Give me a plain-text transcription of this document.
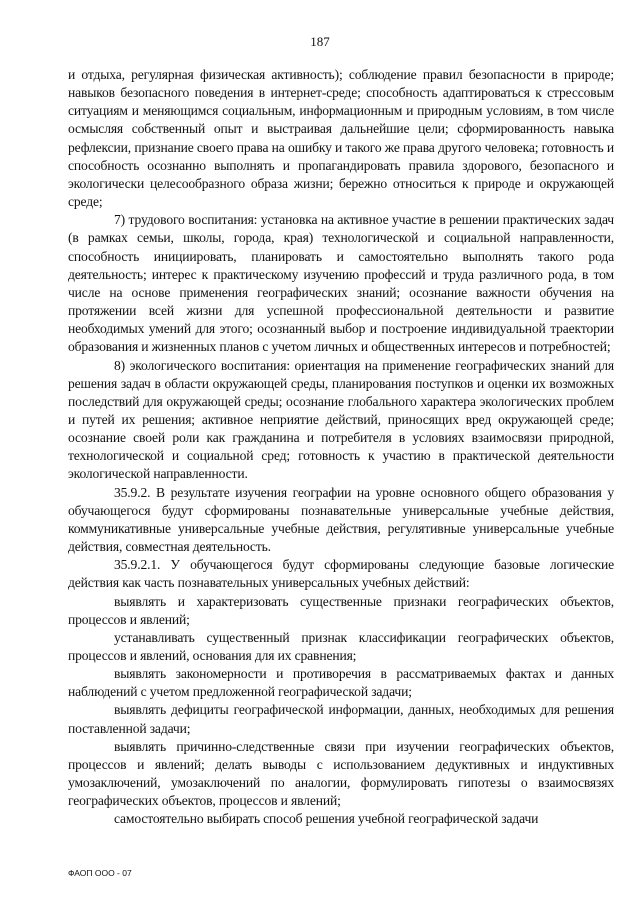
187

и отдыха, регулярная физическая активность); соблюдение правил безопасности в природе; навыков безопасного поведения в интернет-среде; способность адаптироваться к стрессовым ситуациям и меняющимся социальным, информационным и природным условиям, в том числе осмысляя собственный опыт и выстраивая дальнейшие цели; сформированность навыка рефлексии, признание своего права на ошибку и такого же права другого человека; готовность и способность осознанно выполнять и пропагандировать правила здорового, безопасного и экологически целесообразного образа жизни; бережно относиться к природе и окружающей среде;

7) трудового воспитания: установка на активное участие в решении практических задач (в рамках семьи, школы, города, края) технологической и социальной направленности, способность инициировать, планировать и самостоятельно выполнять такого рода деятельность; интерес к практическому изучению профессий и труда различного рода, в том числе на основе применения географических знаний; осознание важности обучения на протяжении всей жизни для успешной профессиональной деятельности и развитие необходимых умений для этого; осознанный выбор и построение индивидуальной траектории образования и жизненных планов с учетом личных и общественных интересов и потребностей;

8) экологического воспитания: ориентация на применение географических знаний для решения задач в области окружающей среды, планирования поступков и оценки их возможных последствий для окружающей среды; осознание глобального характера экологических проблем и путей их решения; активное неприятие действий, приносящих вред окружающей среде; осознание своей роли как гражданина и потребителя в условиях взаимосвязи природной, технологической и социальной сред; готовность к участию в практической деятельности экологической направленности.

35.9.2. В результате изучения географии на уровне основного общего образования у обучающегося будут сформированы познавательные универсальные учебные действия, коммуникативные универсальные учебные действия, регулятивные универсальные учебные действия, совместная деятельность.

35.9.2.1. У обучающегося будут сформированы следующие базовые логические действия как часть познавательных универсальных учебных действий:

выявлять и характеризовать существенные признаки географических объектов, процессов и явлений;

устанавливать существенный признак классификации географических объектов, процессов и явлений, основания для их сравнения;

выявлять закономерности и противоречия в рассматриваемых фактах и данных наблюдений с учетом предложенной географической задачи;

выявлять дефициты географической информации, данных, необходимых для решения поставленной задачи;

выявлять причинно-следственные связи при изучении географических объектов, процессов и явлений; делать выводы с использованием дедуктивных и индуктивных умозаключений, умозаключений по аналогии, формулировать гипотезы о взаимосвязях географических объектов, процессов и явлений;

самостоятельно выбирать способ решения учебной географической задачи

ФАОП ООО - 07
